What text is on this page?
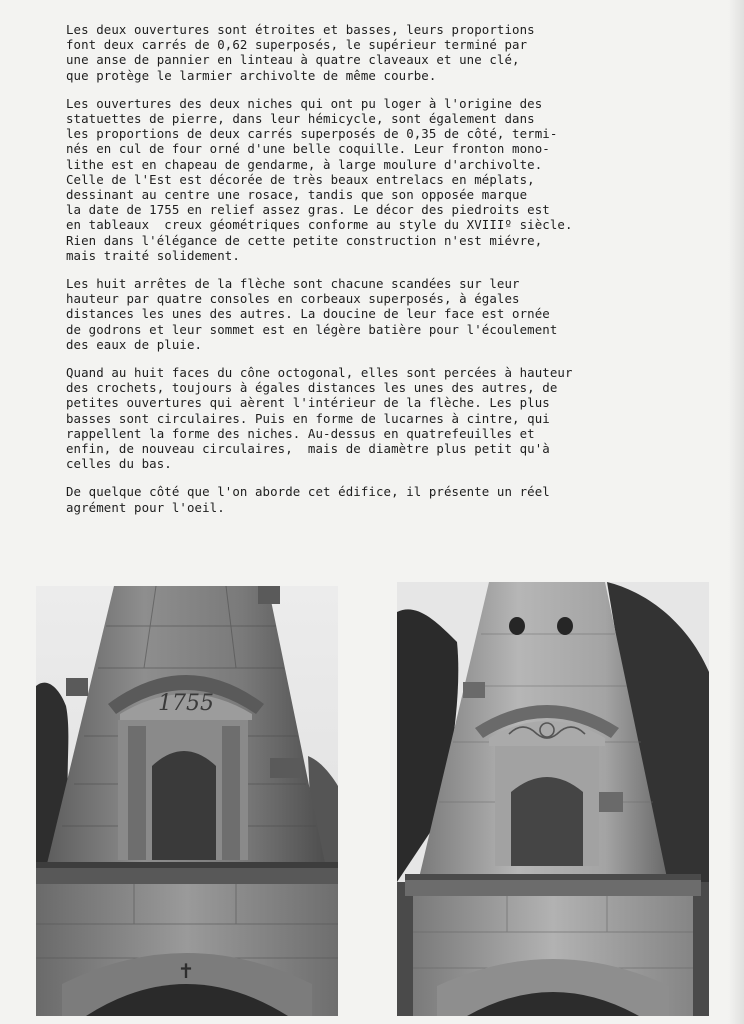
Les deux ouvertures sont étroites et basses, leurs proportions
font deux carrés de 0,62 superposés, le supérieur terminé par
une anse de pannier en linteau à quatre claveaux et une clé,
que protège le larmier archivolte de même courbe.

Les ouvertures des deux niches qui ont pu loger à l'origine des
statuettes de pierre, dans leur hémicycle, sont également dans
les proportions de deux carrés superposés de 0,35 de côté, termi-
nés en cul de four orné d'une belle coquille. Leur fronton mono-
lithe est en chapeau de gendarme, à large moulure d'archivolte.
Celle de l'Est est décorée de très beaux entrelacs en méplats,
dessinant au centre une rosace, tandis que son opposée marque
la date de 1755 en relief assez gras. Le décor des piedroits est
en tableaux  creux géométriques conforme au style du XVIIIº siècle.
Rien dans l'élégance de cette petite construction n'est miévre,
mais traité solidement.

Les huit arrêtes de la flèche sont chacune scandées sur leur
hauteur par quatre consoles en corbeaux superposés, à égales
distances les unes des autres. La doucine de leur face est ornée
de godrons et leur sommet est en légère batière pour l'écoulement
des eaux de pluie.

Quand au huit faces du cône octogonal, elles sont percées à hauteur
des crochets, toujours à égales distances les unes des autres, de
petites ouvertures qui aèrent l'intérieur de la flèche. Les plus
basses sont circulaires. Puis en forme de lucarnes à cintre, qui
rappellent la forme des niches. Au-dessus en quatrefeuilles et
enfin, de nouveau circulaires,  mais de diamètre plus petit qu'à
celles du bas.

De quelque côté que l'on aborde cet édifice, il présente un réel
agrément pour l'oeil.

1755
✝
